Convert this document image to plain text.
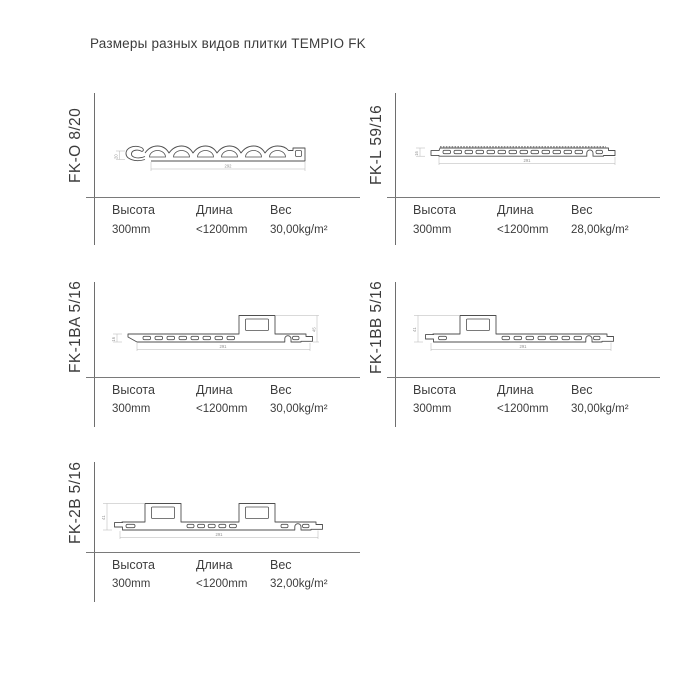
Размеры разных видов плитки TEMPIO FK
FK-O 8/20	292
20
Высота	Длина	Вес
300mm	<1200mm 30,00kg/m²
FK-L 59/16	291
16
Высота	Длина	Вес
300mm	<1200mm 28,00kg/m²
FK-1BA 5/16	45
16
291
Высота	Длина	Вес
300mm	<1200mm 30,00kg/m²
FK-1BB 5/16	41
291
Высота	Длина	Вес
300mm	<1200mm 30,00kg/m²
FK-2B 5/16	41
291
Высота	Длина	Вес
300mm	<1200mm 32,00kg/m²
